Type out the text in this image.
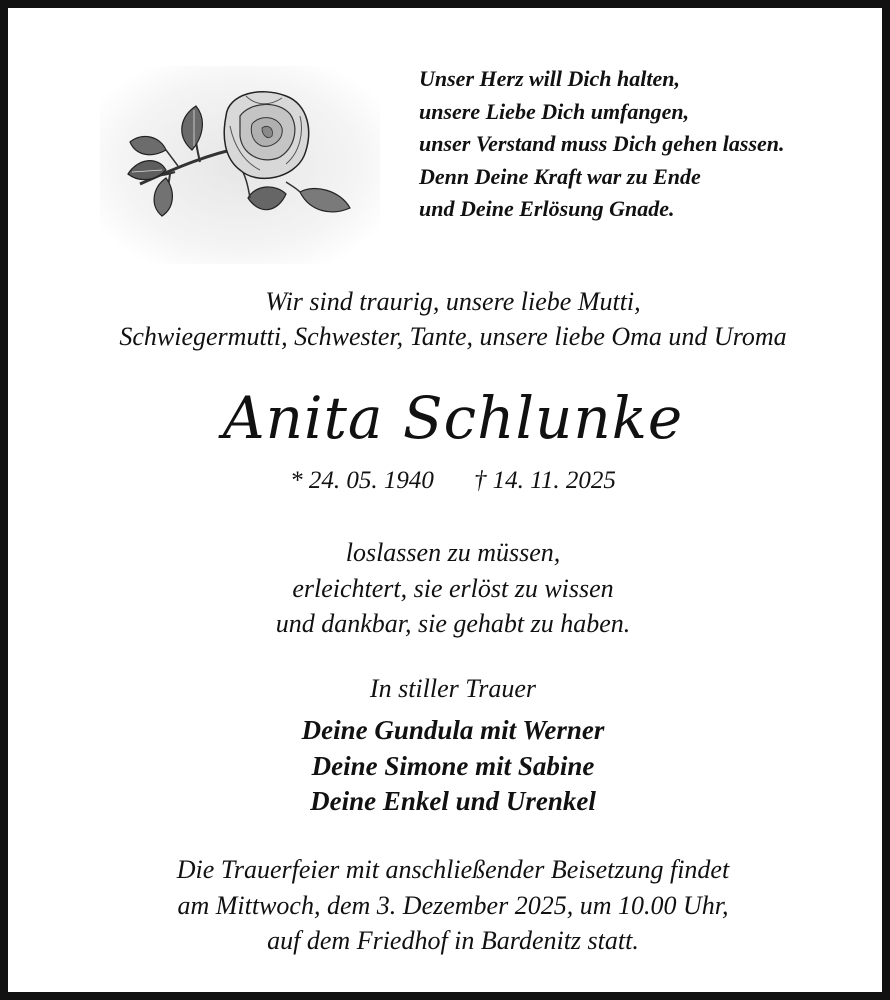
Unser Herz will Dich halten,
unsere Liebe Dich umfangen,
unser Verstand muss Dich gehen lassen.
Denn Deine Kraft war zu Ende
und Deine Erlösung Gnade.
Wir sind traurig, unsere liebe Mutti,
Schwiegermutti, Schwester, Tante, unsere liebe Oma und Uroma
Anita Schlunke
* 24. 05. 1940 † 14. 11. 2025
loslassen zu müssen,
erleichtert, sie erlöst zu wissen
und dankbar, sie gehabt zu haben.
In stiller Trauer
Deine Gundula mit Werner
Deine Simone mit Sabine
Deine Enkel und Urenkel
Die Trauerfeier mit anschließender Beisetzung findet
am Mittwoch, dem 3. Dezember 2025, um 10.00 Uhr,
auf dem Friedhof in Bardenitz statt.
